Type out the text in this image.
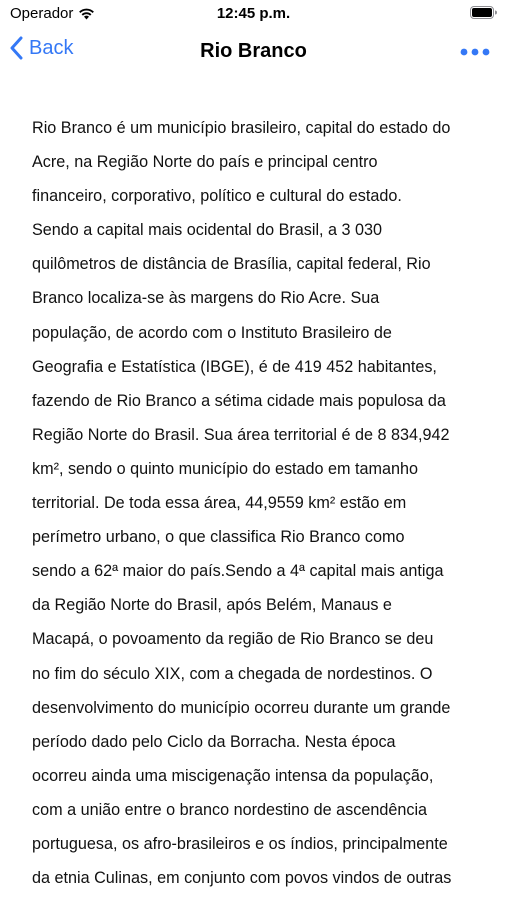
Operador	12:45 p.m.
Back	Rio Branco
Rio Branco é um município brasileiro, capital do estado do
Acre, na Região Norte do país e principal centro
financeiro, corporativo, político e cultural do estado.
Sendo a capital mais ocidental do Brasil, a 3 030
quilômetros de distância de Brasília, capital federal, Rio
Branco localiza-se às margens do Rio Acre. Sua
população, de acordo com o Instituto Brasileiro de
Geografia e Estatística (IBGE), é de 419 452 habitantes,
fazendo de Rio Branco a sétima cidade mais populosa da
Região Norte do Brasil. Sua área territorial é de 8 834,942
km², sendo o quinto município do estado em tamanho
territorial. De toda essa área, 44,9559 km² estão em
perímetro urbano, o que classifica Rio Branco como
sendo a 62ª maior do país.Sendo a 4ª capital mais antiga
da Região Norte do Brasil, após Belém, Manaus e
Macapá, o povoamento da região de Rio Branco se deu
no fim do século XIX, com a chegada de nordestinos. O
desenvolvimento do município ocorreu durante um grande
período dado pelo Ciclo da Borracha. Nesta época
ocorreu ainda uma miscigenação intensa da população,
com a união entre o branco nordestino de ascendência
portuguesa, os afro-brasileiros e os índios, principalmente
da etnia Culinas, em conjunto com povos vindos de outras
